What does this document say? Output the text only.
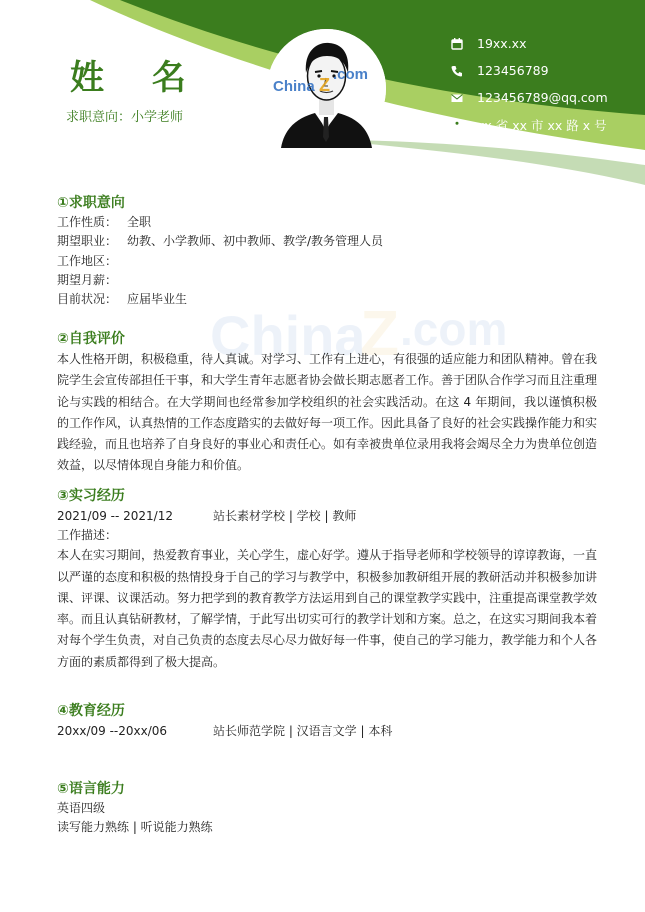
姓 名
求职意向：小学老师
China Z
.com
19xx.xx
123456789
123456789@qq.com
xx 省 xx 市 xx 路 x 号
China
Z .com
①求职意向
工作性质： 全职
期望职业： 幼教、小学教师、初中教师、教学/教务管理人员
工作地区：
期望月薪：
目前状况： 应届毕业生
②自我评价

本人性格开朗，积极稳重，待人真诚。对学习、工作有上进心，有很强的适应能力和团队精神。曾在我院学生会宣传部担任干事，和大学生青年志愿者协会做长期志愿者工作。善于团队合作学习而且注重理论与实践的相结合。在大学期间也经常参加学校组织的社会实践活动。在这 4 年期间，我以谨慎积极的工作作风，认真热情的工作态度踏实的去做好每一项工作。因此具备了良好的社会实践操作能力和实践经验，而且也培养了自身良好的事业心和责任心。如有幸被贵单位录用我将会竭尽全力为贵单位创造效益，以尽情体现自身能力和价值。

③实习经历
2021/09 -- 2021/12	站长素材学校 | 学校 | 教师
工作描述：

本人在实习期间，热爱教育事业，关心学生，虚心好学。遵从于指导老师和学校领导的谆谆教诲，一直以严谨的态度和积极的热情投身于自己的学习与教学中，积极参加教研组开展的教研活动并积极参加讲课、评课、议课活动。努力把学到的教育教学方法运用到自己的课堂教学实践中，注重提高课堂教学效率。而且认真钻研教材，了解学情，于此写出切实可行的教学计划和方案。总之，在这实习期间我本着对每个学生负责，对自己负责的态度去尽心尽力做好每一件事，使自己的学习能力，教学能力和个人各方面的素质都得到了极大提高。

④教育经历
20xx/09 --20xx/06	站长师范学院 | 汉语言文学 | 本科
⑤语言能力
英语四级
读写能力熟练 | 听说能力熟练
